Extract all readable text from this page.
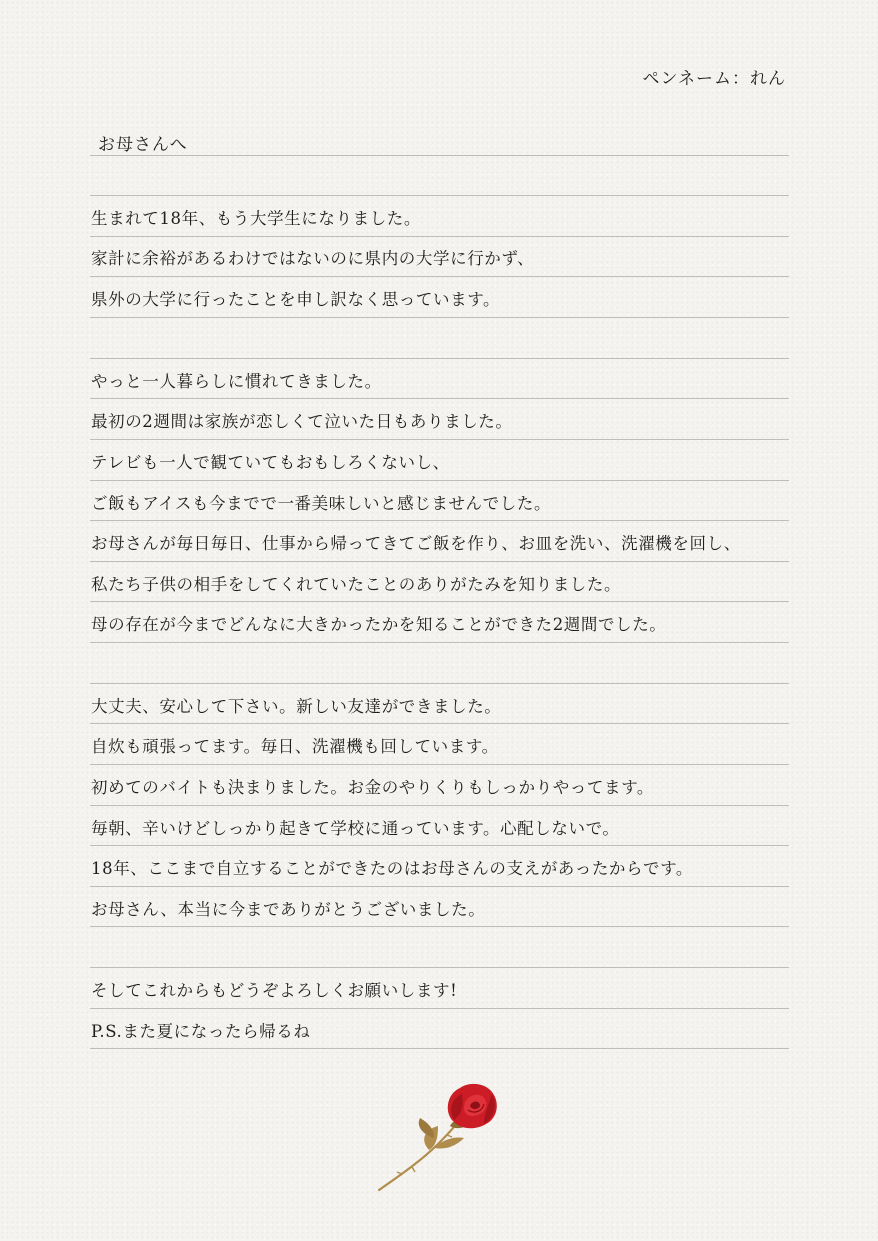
ペンネーム：れん
お母さんへ
生まれて18年、もう大学生になりました。
家計に余裕があるわけではないのに県内の大学に行かず、
県外の大学に行ったことを申し訳なく思っています。
やっと一人暮らしに慣れてきました。
最初の2週間は家族が恋しくて泣いた日もありました。
テレビも一人で観ていてもおもしろくないし、
ご飯もアイスも今までで一番美味しいと感じませんでした。
お母さんが毎日毎日、仕事から帰ってきてご飯を作り、お皿を洗い、洗濯機を回し、
私たち子供の相手をしてくれていたことのありがたみを知りました。
母の存在が今までどんなに大きかったかを知ることができた2週間でした。
大丈夫、安心して下さい。新しい友達ができました。
自炊も頑張ってます。毎日、洗濯機も回しています。
初めてのバイトも決まりました。お金のやりくりもしっかりやってます。
毎朝、辛いけどしっかり起きて学校に通っています。心配しないで。
18年、ここまで自立することができたのはお母さんの支えがあったからです。
お母さん、本当に今までありがとうございました。
そしてこれからもどうぞよろしくお願いします!
P.S.また夏になったら帰るね
